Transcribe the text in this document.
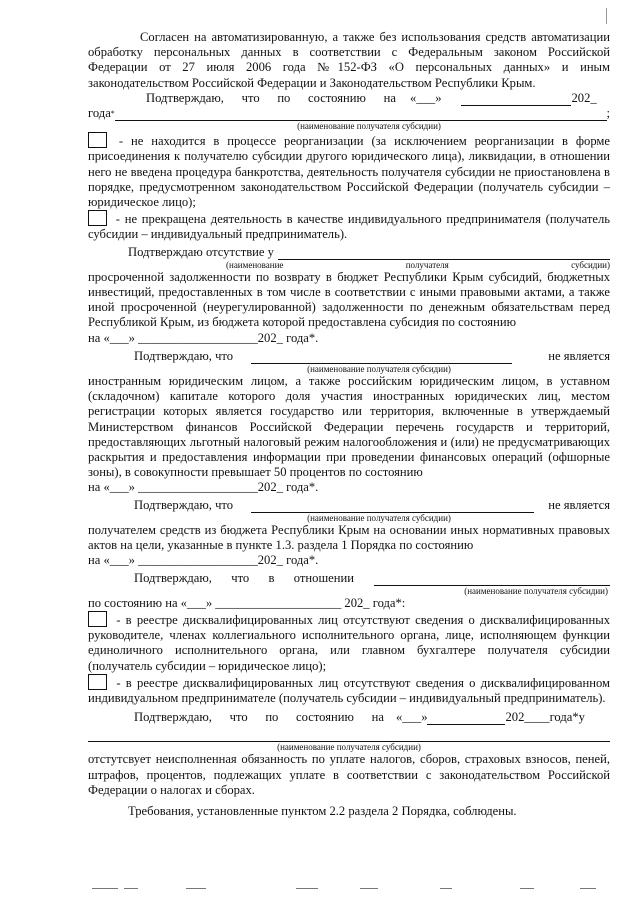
Согласен на автоматизированную, а также без использования средств автоматизации

обработку персональных данных в соответствии с Федеральным законом Российской

Федерации от 27 июля 2006 года №152-ФЗ «О персональных данных» и иным

законодательством Российской Федерации и Законодательством Республики Крым.

Подтверждаю, что по состоянию на «___»	202_
года *	;
(наименование получателя субсидии)

- не находится в процессе реорганизации (за исключением реорганизации в форме присоединения к получателю субсидии другого юридического лица), ликвидации, в отношении него не введена процедура банкротства, деятельность получателя субсидии не приостановлена в порядке, предусмотренном законодательством Российской Федерации (получатель субсидии – юридическое лицо);

- не прекращена деятельность в качестве индивидуального предпринимателя (получатель субсидии – индивидуальный предприниматель).

Подтверждаю отсутствие у
(наименование	получателя	субсидии)

просроченной задолженности по возврату в бюджет Республики Крым субсидий, бюджетных инвестиций, предоставленных в том числе в соответствии с иными правовыми актами, а также иной просроченной (неурегулированной) задолженности по денежным обязательствам перед Республикой Крым, из бюджета которой предоставлена субсидия по состоянию

на «___» ___________________202_ года*.

Подтверждаю, что	не является
(наименование получателя субсидии)

иностранным юридическим лицом, а также российским юридическим лицом, в уставном (складочном) капитале которого доля участия иностранных юридических лиц, местом регистрации которых является государство или территория, включенные в утверждаемый Министерством финансов Российской Федерации перечень государств и территорий, предоставляющих льготный налоговый режим налогообложения и (или) не предусматривающих раскрытия и предоставления информации при проведении финансовых операций (офшорные зоны), в совокупности превышает 50 процентов по состоянию

на «___» ___________________202_ года*.

Подтверждаю, что	не является
(наименование получателя субсидии)

получателем средств из бюджета Республики Крым на основании иных нормативных правовых актов на цели, указанные в пункте 1.3. раздела 1 Порядка по состоянию

на «___» ___________________202_ года*.

Подтверждаю, что в отношении
(наименование получателя субсидии)

по состоянию на «___» ____________________ 202_ года*:

- в реестре дисквалифицированных лиц отсутствуют сведения о дисквалифицированных руководителе, членах коллегиального исполнительного органа, лице, исполняющем функции единоличного исполнительного органа, или главном бухгалтере получателя субсидии (получатель субсидии – юридическое лицо);

- в реестре дисквалифицированных лиц отсутствуют сведения о дисквалифицированном индивидуальном предпринимателе (получатель субсидии – индивидуальный предприниматель).

Подтверждаю, что по состоянию на «___»	202____года*у
(наименование получателя субсидии)

отстутсвует неисполненная обязанность по уплате налогов, сборов, страховых взносов, пеней, штрафов, процентов, подлежащих уплате в соответствии с законодательством Российской Федерации о налогах и сборах.

Требования, установленные пунктом 2.2 раздела 2 Порядка, соблюдены.
